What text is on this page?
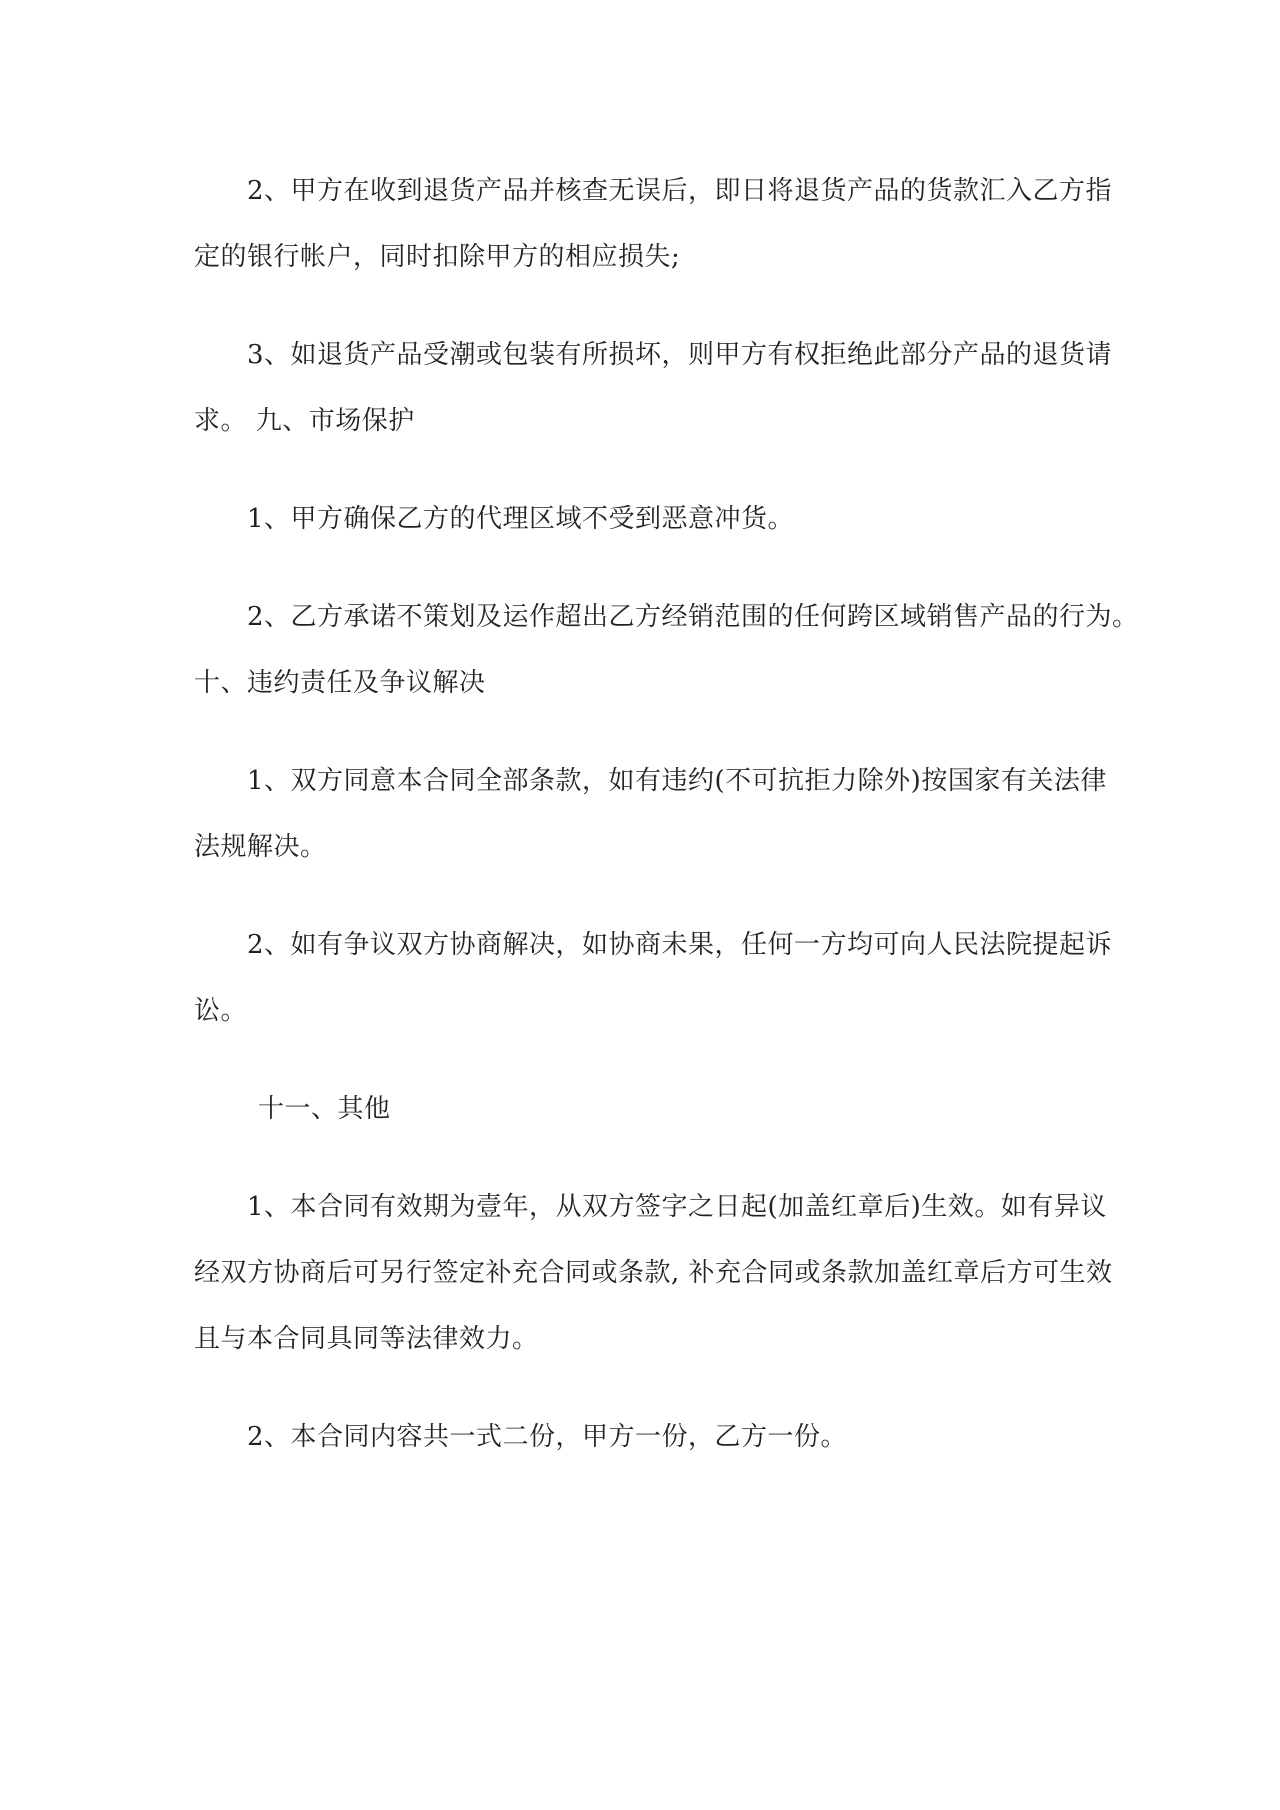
2、甲方在收到退货产品并核查无误后，即日将退货产品的货款汇入乙方指
定的银行帐户，同时扣除甲方的相应损失;
3、如退货产品受潮或包装有所损坏，则甲方有权拒绝此部分产品的退货请
求。 九、市场保护
1、甲方确保乙方的代理区域不受到恶意冲货。
2、乙方承诺不策划及运作超出乙方经销范围的任何跨区域销售产品的行为。
十、违约责任及争议解决
1、双方同意本合同全部条款，如有违约(不可抗拒力除外)按国家有关法律
法规解决。
2、如有争议双方协商解决，如协商未果，任何一方均可向人民法院提起诉
讼。
十一、其他
1、本合同有效期为壹年，从双方签字之日起(加盖红章后)生效。如有异议
经双方协商后可另行签定补充合同或条款, 补充合同或条款加盖红章后方可生效
且与本合同具同等法律效力。
2、本合同内容共一式二份，甲方一份，乙方一份。
